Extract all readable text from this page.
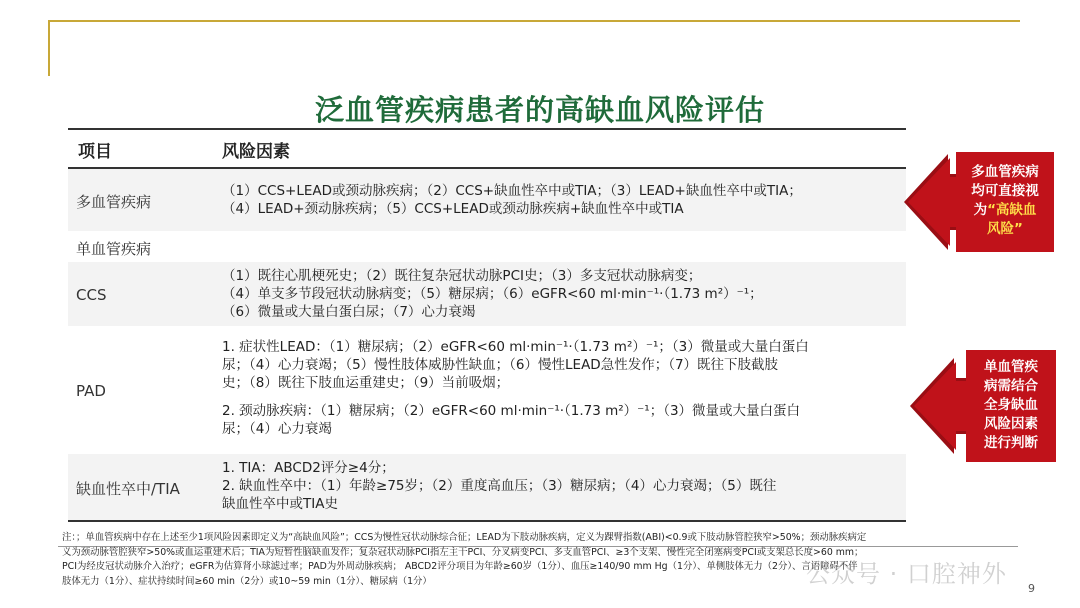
泛血管疾病患者的高缺血风险评估
项目	风险因素
多血管疾病
（1）CCS+LEAD或颈动脉疾病；（2）CCS+缺血性卒中或TIA；（3）LEAD+缺血性卒中或TIA；
（4）LEAD+颈动脉疾病；（5）CCS+LEAD或颈动脉疾病+缺血性卒中或TIA
单血管疾病
CCS
（1）既往心肌梗死史；（2）既往复杂冠状动脉PCI史；（3）多支冠状动脉病变；
（4）单支多节段冠状动脉病变；（5）糖尿病；（6）eGFR<60 ml·min⁻¹·（1.73 m²）⁻¹；
（6）微量或大量白蛋白尿；（7）心力衰竭
PAD
1. 症状性LEAD：（1）糖尿病；（2）eGFR<60 ml·min⁻¹·（1.73 m²）⁻¹；（3）微量或大量白蛋白
尿；（4）心力衰竭；（5）慢性肢体威胁性缺血；（6）慢性LEAD急性发作；（7）既往下肢截肢
史；（8）既往下肢血运重建史；（9）当前吸烟；
2. 颈动脉疾病：（1）糖尿病；（2）eGFR<60 ml·min⁻¹·（1.73 m²）⁻¹；（3）微量或大量白蛋白
尿；（4）心力衰竭
缺血性卒中/TIA
1. TIA：ABCD2评分≥4分；
2. 缺血性卒中：（1）年龄≥75岁；（2）重度高血压；（3）糖尿病；（4）心力衰竭；（5）既往
缺血性卒中或TIA史
多血管疾病
均可直接视
为“高缺血
风险”
单血管疾
病需结合
全身缺血
风险因素
进行判断
注：；单血管疾病中存在上述至少1项风险因素即定义为“高缺血风险”；CCS为慢性冠状动脉综合征；LEAD为下肢动脉疾病，定义为踝臂指数(ABI)<0.9或下肢动脉管腔狭窄>50%；颈动脉疾病定
义为颈动脉管腔狭窄>50%或血运重建术后；TIA为短暂性脑缺血发作；复杂冠状动脉PCI指左主干PCI、分叉病变PCI、多支血管PCI、≥3个支架、慢性完全闭塞病变PCI或支架总长度>60 mm；
PCI为经皮冠状动脉介入治疗；eGFR为估算肾小球滤过率；PAD为外周动脉疾病； ABCD2评分项目为年龄≥60岁（1分）、血压≥140/90 mm Hg（1分）、单侧肢体无力（2分）、言语障碍不伴
肢体无力（1分）、症状持续时间≥60 min（2分）或10~59 min（1分）、糖尿病（1分）	公众号 · 口腔神外
9
